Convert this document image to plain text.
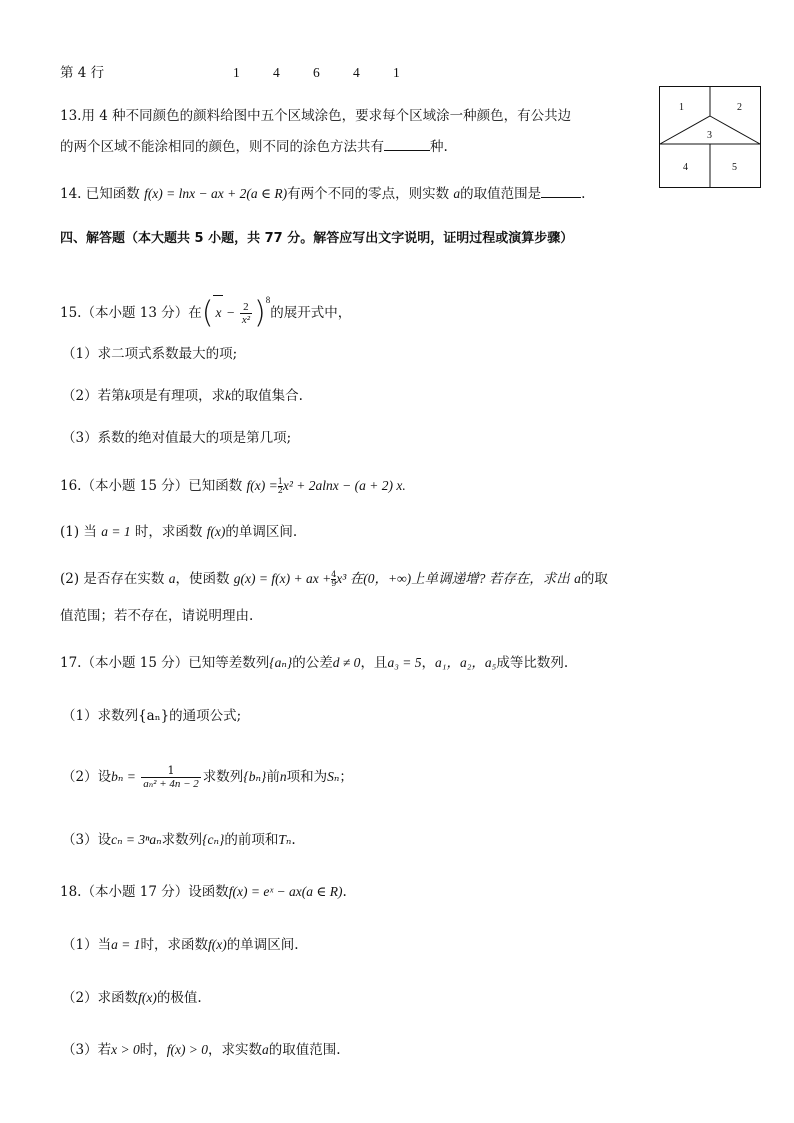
第 4 行	1 4 6 4 1
13.用 4 种不同颜色的颜料给图中五个区域涂色，要求每个区域涂一种颜色，有公共边
的两个区域不能涂相同的颜色，则不同的涂色方法共有	种.
1	2
3
4	5
14. 已知函数 f(x) = lnx − ax + 2(a ∈ R)有两个不同的零点，则实数 a的取值范围是	.
四、解答题（本大题共 5 小题，共 77 分。解答应写出文字说明，证明过程或演算步骤）
15.（本小题 13 分）在( $x - \frac{2}{\text{x²}} )^8$的展开式中，
（1）求二项式系数最大的项;
（2）若第k项是有理项，求k的取值集合.
（3）系数的绝对值最大的项是第几项;
16.（本小题 15 分）已知函数 $f(x) = \frac{1}{2} x^2 + 2alnx - (a + 2)$ x.
(1) 当 a = 1 时，求函数 f(x)的单调区间.
(2) 是否存在实数 a，使函数 g(x) = f(x) + ax + $\frac{4}{9} x^3$ 在(0，+∞)上单调递增? 若存在，求出 a的取
值范围；若不存在，请说明理由.
17.（本小题 15 分）已知等差数列{aₙ}的公差d ≠ 0，且a₃ = 5，a₁，a₂，a₅成等比数列.
（1）求数列{aₙ}的通项公式;
（2）设$b_n = \frac{1}{\text{aₙ² + 4n − 2}}$ 求数列{bₙ}前n项和为Sₙ；
（3）设cₙ = 3ⁿaₙ求数列{cₙ}的前项和Tₙ.
18.（本小题 17 分）设函数f(x) = eˣ − ax(a ∈ R).
（1）当a = 1时，求函数f(x)的单调区间.
（2）求函数f(x)的极值.
（3）若x > 0时，f(x) > 0，求实数a的取值范围.
